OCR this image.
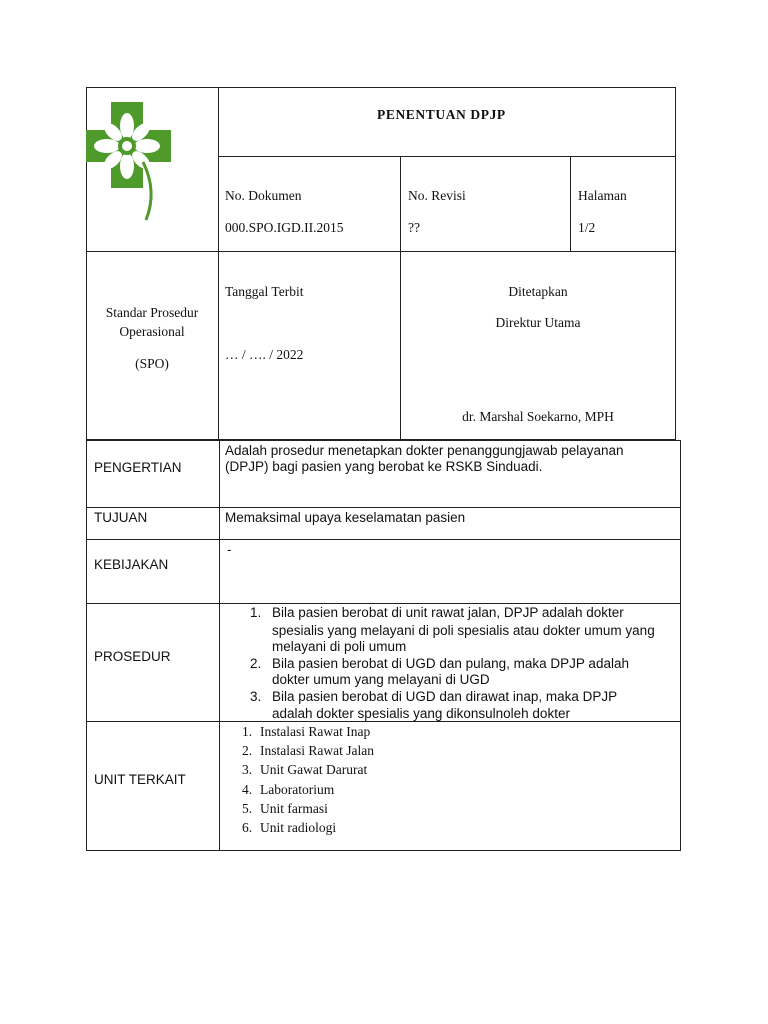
PENENTUAN DPJP
No. Dokumen
000.SPO.IGD.II.2015
No. Revisi
??
Halaman
1/2
Standar Prosedur
Operasional
(SPO)
Tanggal Terbit
… / …. / 2022
Ditetapkan
Direktur Utama
dr. Marshal Soekarno, MPH
PENGERTIAN
Adalah prosedur menetapkan dokter penanggungjawab pelayanan
(DPJP) bagi pasien yang berobat ke RSKB Sinduadi.
TUJUAN	Memaksimal upaya keselamatan pasien
KEBIJAKAN
-
PROSEDUR
1. Bila pasien berobat di unit rawat jalan, DPJP adalah dokter
spesialis yang melayani di poli spesialis atau dokter umum yang
melayani di poli umum
2. Bila pasien berobat di UGD dan pulang, maka DPJP adalah
dokter umum yang melayani di UGD
3. Bila pasien berobat di UGD dan dirawat inap, maka DPJP
adalah dokter spesialis yang dikonsulnoleh dokter
UNIT TERKAIT
1. Instalasi Rawat Inap
2. Instalasi Rawat Jalan
3. Unit Gawat Darurat
4. Laboratorium
5. Unit farmasi
6. Unit radiologi
